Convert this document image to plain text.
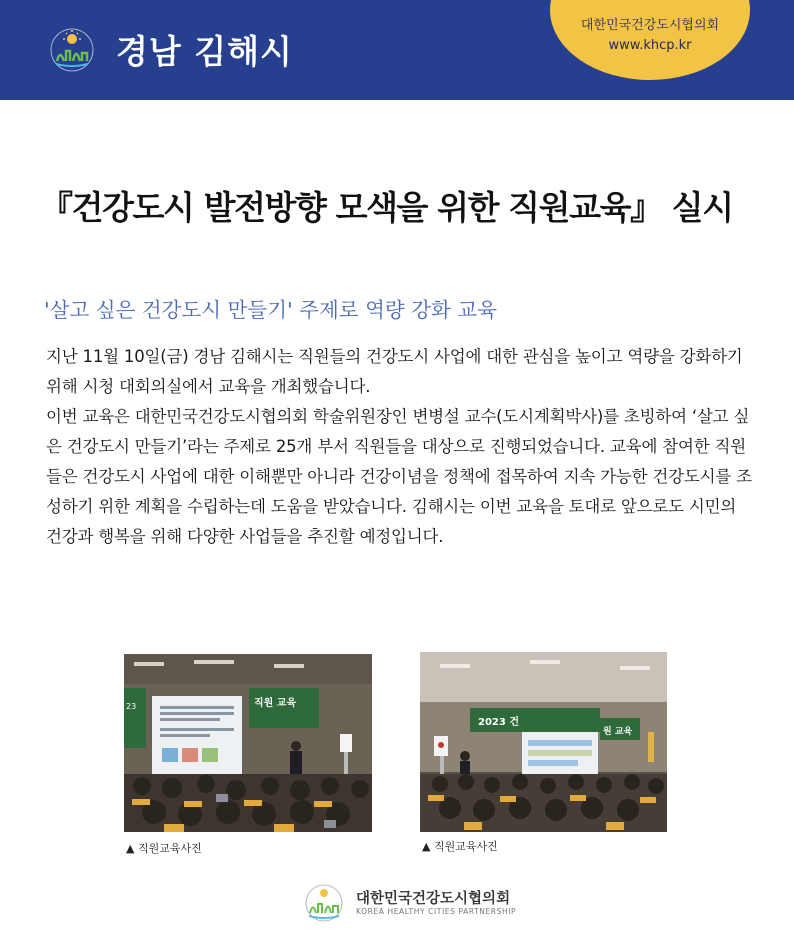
경남 김해시
대한민국건강도시협의회
www.khcp.kr
『건강도시 발전방향 모색을 위한 직원교육』 실시
'살고 싶은 건강도시 만들기' 주제로 역량 강화 교육

지난 11월 10일(금) 경남 김해시는 직원들의 건강도시 사업에 대한 관심을 높이고 역량을 강화하기 위해 시청 대회의실에서 교육을 개최했습니다.

이번 교육은 대한민국건강도시협의회 학술위원장인 변병설 교수(도시계획박사)를 초빙하여 ‘살고 싶은 건강도시 만들기’라는 주제로 25개 부서 직원들을 대상으로 진행되었습니다. 교육에 참여한 직원들은 건강도시 사업에 대한 이해뿐만 아니라 건강이념을 정책에 접목하여 지속 가능한 건강도시를 조성하기 위한 계획을 수립하는데 도움을 받았습니다. 김해시는 이번 교육을 토대로 앞으로도 시민의 건강과 행복을 위해 다양한 사업들을 추진할 예정입니다.

23	직원 교육
▲ 직원교육사진
2023 건
원 교육
▲ 직원교육사진
대한민국건강도시협의회
KOREA HEALTHY CITIES PARTNERSHIP
